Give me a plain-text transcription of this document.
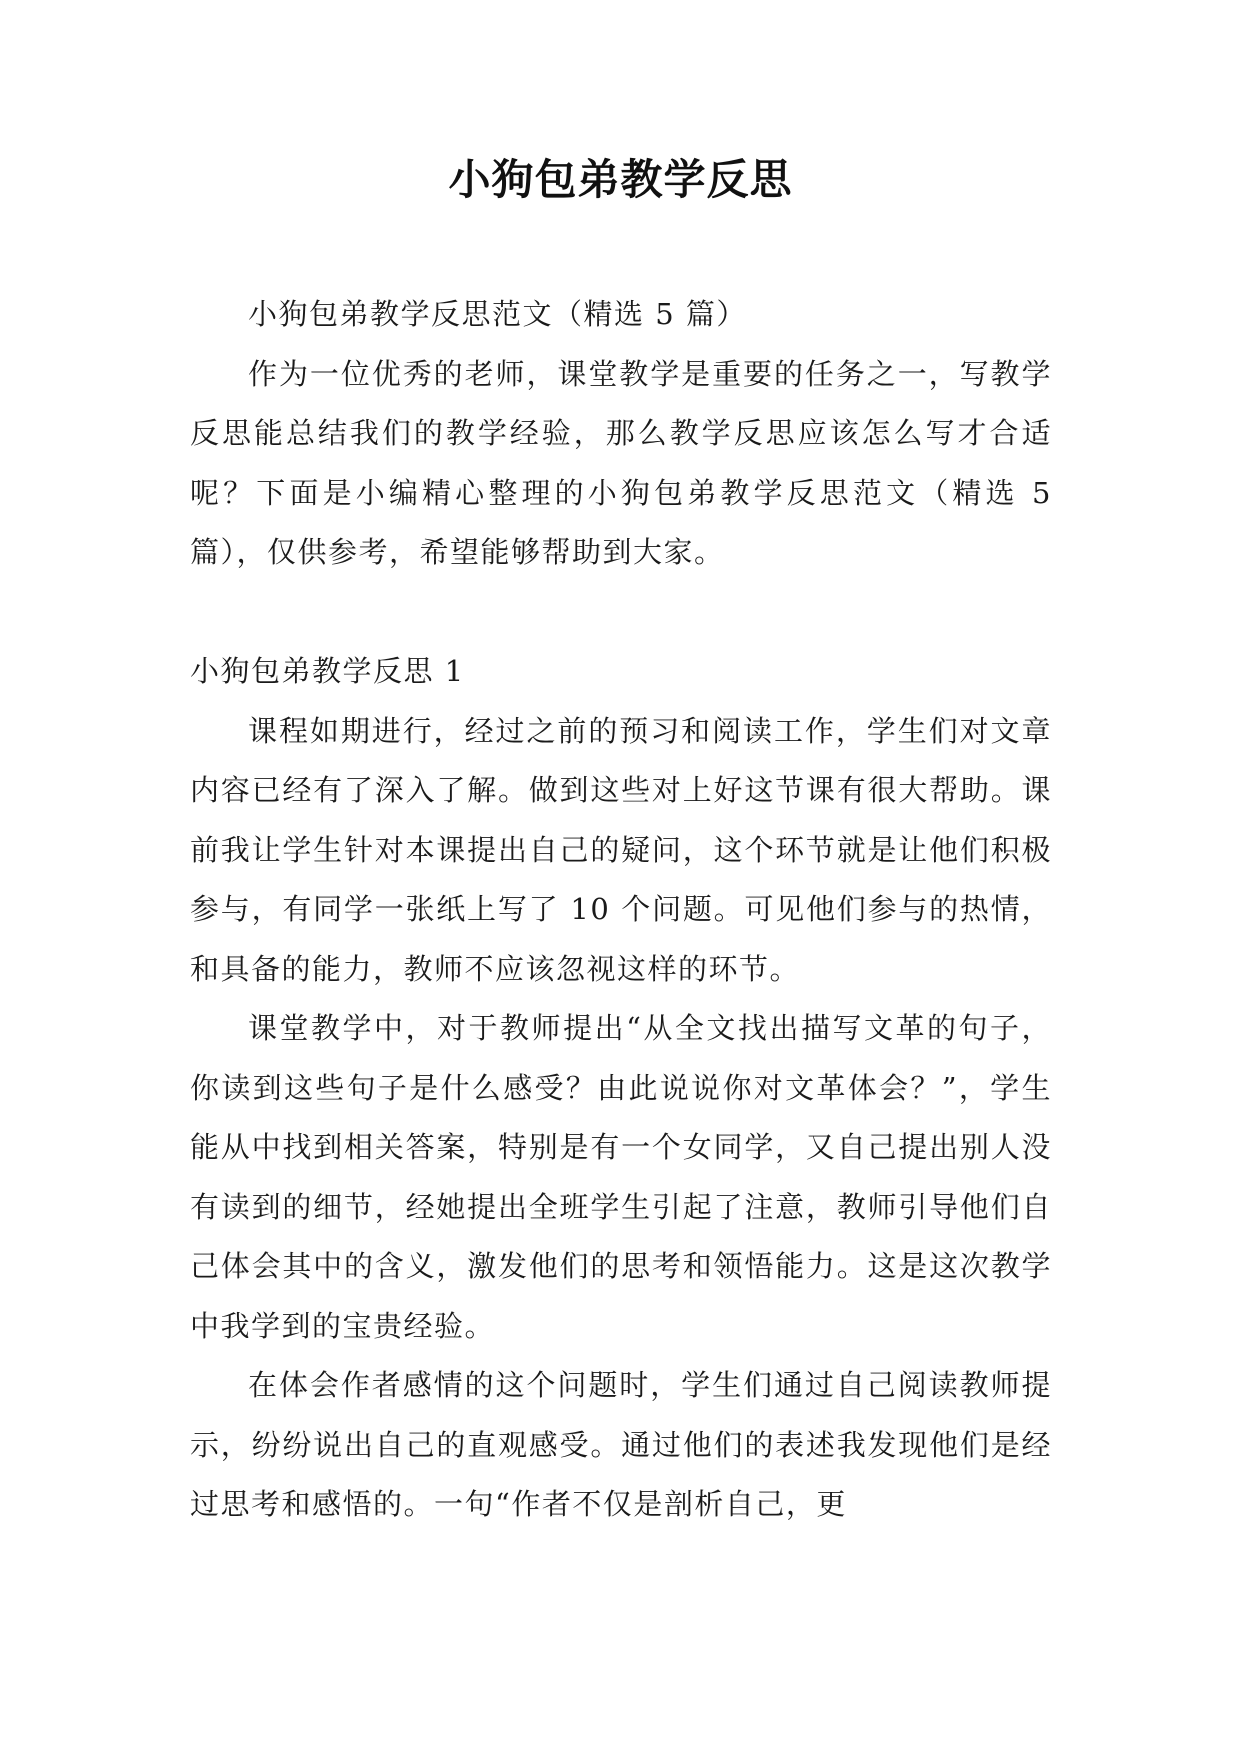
小狗包弟教学反思

小狗包弟教学反思范文（精选 5 篇）

作为一位优秀的老师，课堂教学是重要的任务之一，写教学反思能总结我们的教学经验，那么教学反思应该怎么写才合适呢？下面是小编精心整理的小狗包弟教学反思范文（精选 5 篇），仅供参考，希望能够帮助到大家。

小狗包弟教学反思 1

课程如期进行，经过之前的预习和阅读工作，学生们对文章内容已经有了深入了解。做到这些对上好这节课有很大帮助。课前我让学生针对本课提出自己的疑问，这个环节就是让他们积极参与，有同学一张纸上写了 10 个问题。可见他们参与的热情，和具备的能力，教师不应该忽视这样的环节。

课堂教学中，对于教师提出“从全文找出描写文革的句子，你读到这些句子是什么感受？由此说说你对文革体会？”，学生能从中找到相关答案，特别是有一个女同学，又自己提出别人没有读到的细节，经她提出全班学生引起了注意，教师引导他们自己体会其中的含义，激发他们的思考和领悟能力。这是这次教学中我学到的宝贵经验。

在体会作者感情的这个问题时，学生们通过自己阅读教师提示，纷纷说出自己的直观感受。通过他们的表述我发现他们是经过思考和感悟的。一句“作者不仅是剖析自己，更
